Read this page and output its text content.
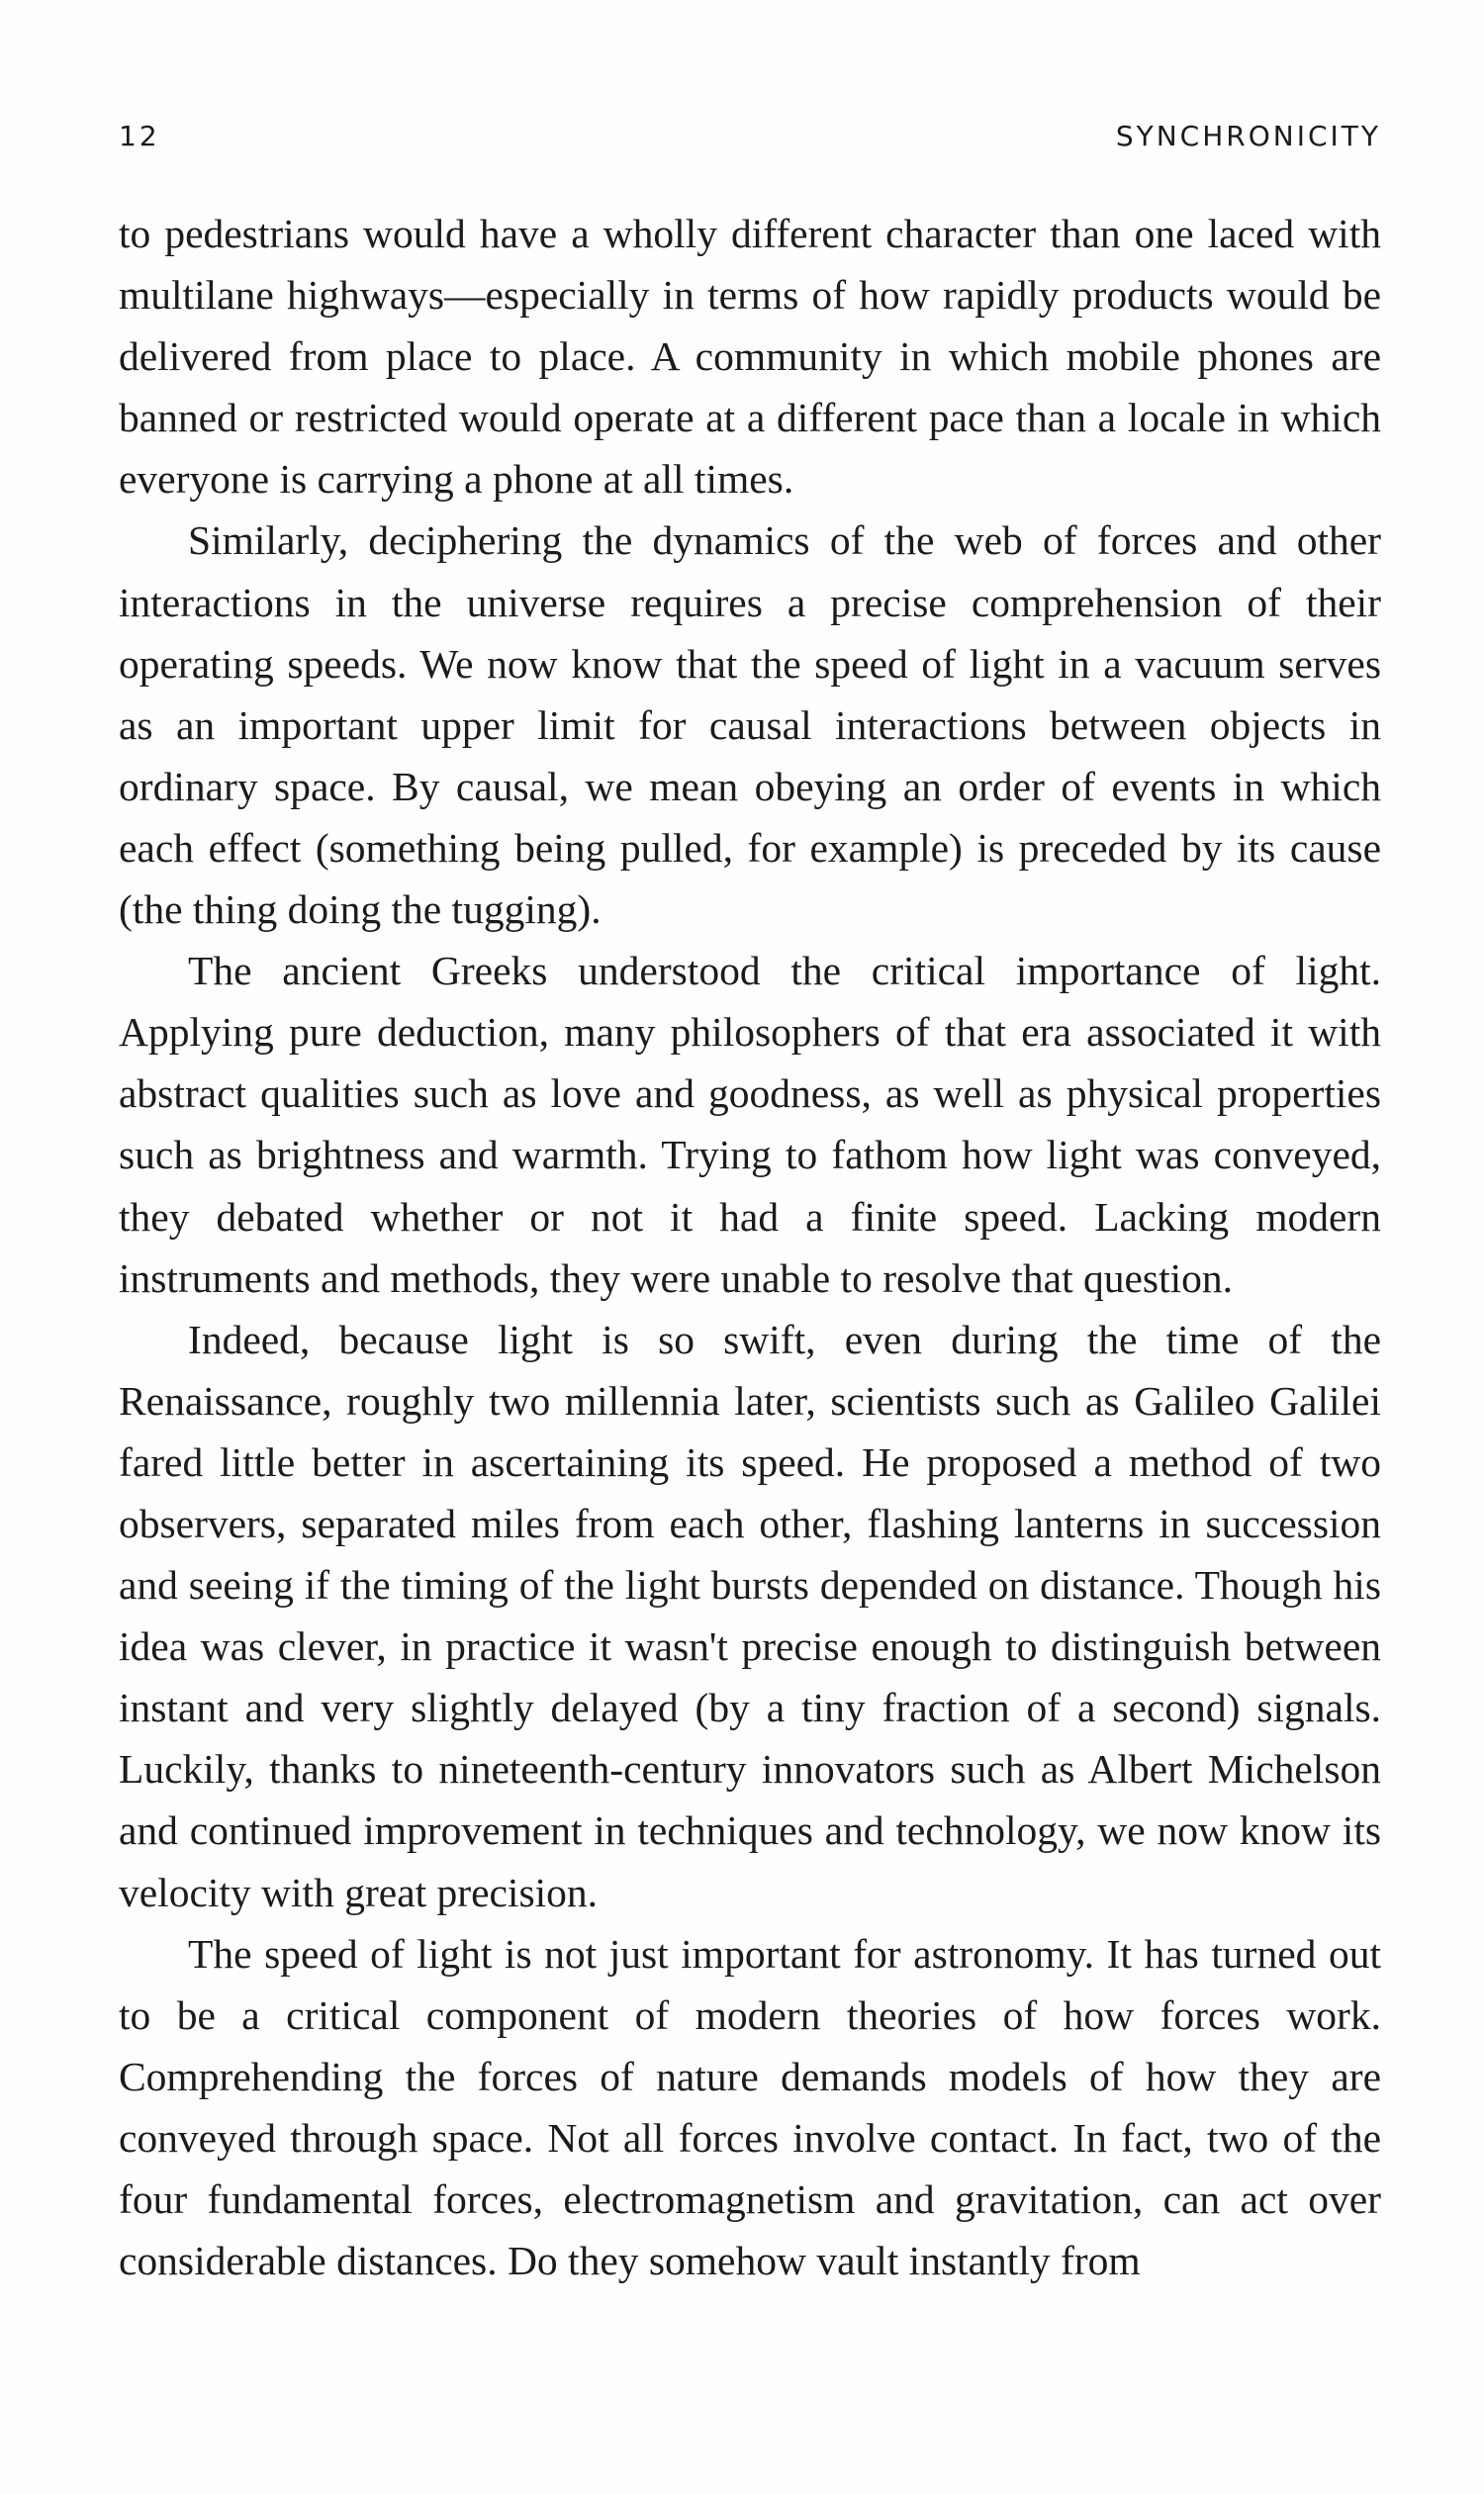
12	SYNCHRONICITY

to pedestrians would have a wholly different character than one laced with multilane highways—especially in terms of how rapidly products would be delivered from place to place. A community in which mobile phones are banned or restricted would operate at a different pace than a locale in which everyone is carrying a phone at all times.

Similarly, deciphering the dynamics of the web of forces and other interactions in the universe requires a precise comprehension of their operating speeds. We now know that the speed of light in a vacuum serves as an important upper limit for causal interactions between objects in ordinary space. By causal, we mean obeying an order of events in which each effect (something being pulled, for example) is preceded by its cause (the thing doing the tugging).

The ancient Greeks understood the critical importance of light. Applying pure deduction, many philosophers of that era associated it with abstract qualities such as love and goodness, as well as physical properties such as brightness and warmth. Trying to fathom how light was conveyed, they debated whether or not it had a finite speed. Lacking modern instruments and methods, they were unable to resolve that question.

Indeed, because light is so swift, even during the time of the Renaissance, roughly two millennia later, scientists such as Galileo Galilei fared little better in ascertaining its speed. He proposed a method of two observers, separated miles from each other, flashing lanterns in succession and seeing if the timing of the light bursts depended on distance. Though his idea was clever, in practice it wasn't precise enough to distinguish between instant and very slightly delayed (by a tiny fraction of a second) signals. Luckily, thanks to nineteenth-century innovators such as Albert Michelson and continued improvement in techniques and technology, we now know its velocity with great precision.

The speed of light is not just important for astronomy. It has turned out to be a critical component of modern theories of how forces work. Comprehending the forces of nature demands models of how they are conveyed through space. Not all forces involve contact. In fact, two of the four fundamental forces, electromagnetism and gravitation, can act over considerable distances. Do they somehow vault instantly from
